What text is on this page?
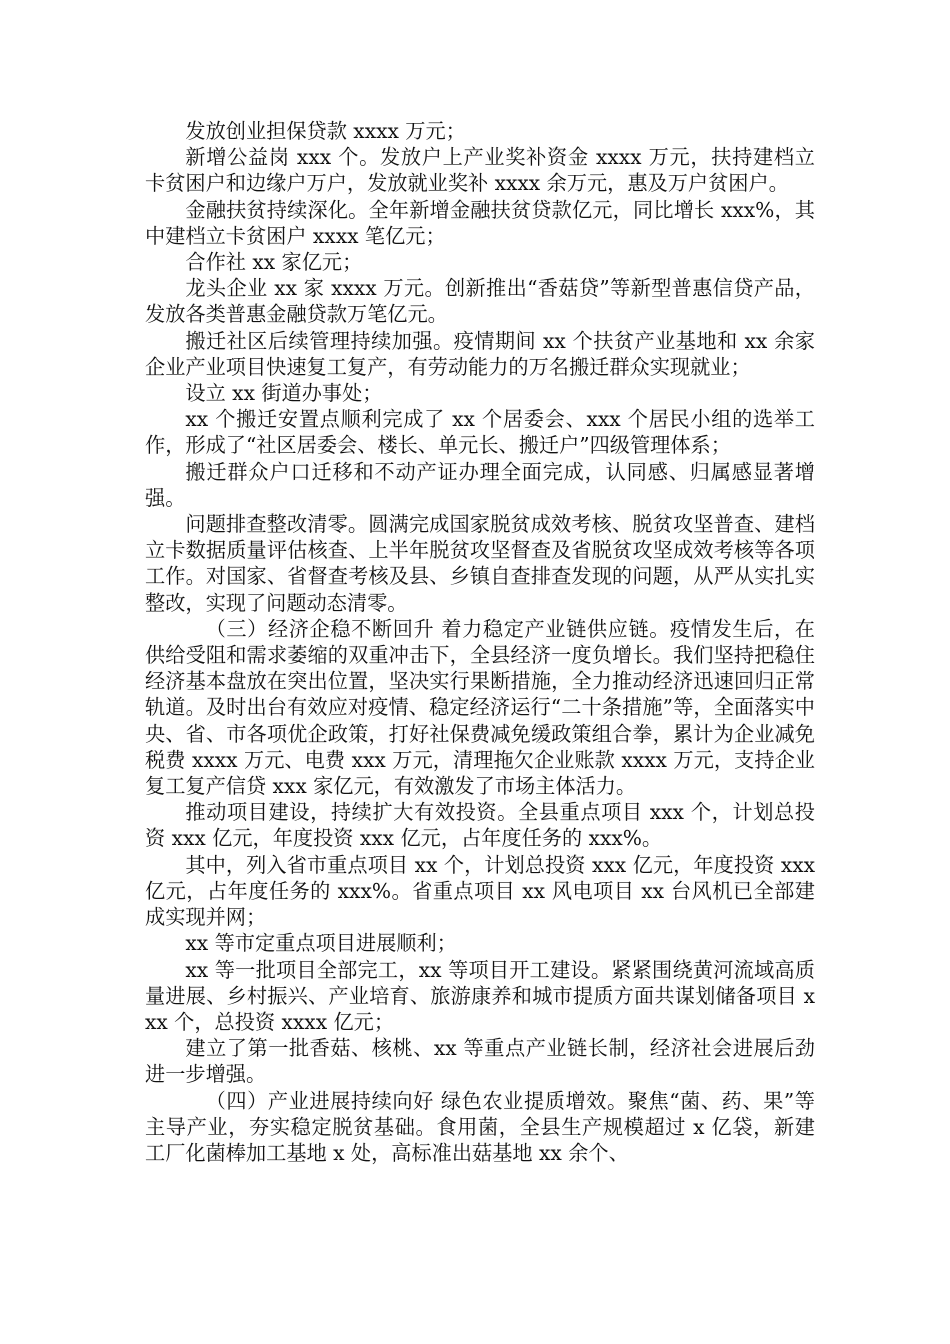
发放创业担保贷款 xxxx 万元；

新增公益岗 xxx 个。发放户上产业奖补资金 xxxx 万元，扶持建档立卡贫困户和边缘户万户，发放就业奖补 xxxx 余万元，惠及万户贫困户。

金融扶贫持续深化。全年新增金融扶贫贷款亿元，同比增长 xxx%，其中建档立卡贫困户 xxxx 笔亿元；

合作社 xx 家亿元；

龙头企业 xx 家 xxxx 万元。创新推出“香菇贷”等新型普惠信贷产品，发放各类普惠金融贷款万笔亿元。

搬迁社区后续管理持续加强。疫情期间 xx 个扶贫产业基地和 xx 余家企业产业项目快速复工复产，有劳动能力的万名搬迁群众实现就业；

设立 xx 街道办事处；

xx 个搬迁安置点顺利完成了 xx 个居委会、xxx 个居民小组的选举工作，形成了“社区居委会、楼长、单元长、搬迁户”四级管理体系；

搬迁群众户口迁移和不动产证办理全面完成，认同感、归属感显著增强。

问题排查整改清零。圆满完成国家脱贫成效考核、脱贫攻坚普查、建档立卡数据质量评估核查、上半年脱贫攻坚督查及省脱贫攻坚成效考核等各项工作。对国家、省督查考核及县、乡镇自查排查发现的问题，从严从实扎实整改，实现了问题动态清零。

（三）经济企稳不断回升 着力稳定产业链供应链。疫情发生后，在供给受阻和需求萎缩的双重冲击下，全县经济一度负增长。我们坚持把稳住经济基本盘放在突出位置，坚决实行果断措施，全力推动经济迅速回归正常轨道。及时出台有效应对疫情、稳定经济运行“二十条措施”等，全面落实中央、省、市各项优企政策，打好社保费减免缓政策组合拳，累计为企业减免税费 xxxx 万元、电费 xxx 万元，清理拖欠企业账款 xxxx 万元，支持企业复工复产信贷 xxx 家亿元，有效激发了市场主体活力。

推动项目建设，持续扩大有效投资。全县重点项目 xxx 个，计划总投资 xxx 亿元，年度投资 xxx 亿元，占年度任务的 xxx%。

其中，列入省市重点项目 xx 个，计划总投资 xxx 亿元，年度投资 xxx 亿元，占年度任务的 xxx%。省重点项目 xx 风电项目 xx 台风机已全部建成实现并网；

xx 等市定重点项目进展顺利；

xx 等一批项目全部完工，xx 等项目开工建设。紧紧围绕黄河流域高质量进展、乡村振兴、产业培育、旅游康养和城市提质方面共谋划储备项目 xxx 个，总投资 xxxx 亿元；

建立了第一批香菇、核桃、xx 等重点产业链长制，经济社会进展后劲进一步增强。

（四）产业进展持续向好 绿色农业提质增效。聚焦“菌、药、果”等主导产业，夯实稳定脱贫基础。食用菌，全县生产规模超过 x 亿袋，新建工厂化菌棒加工基地 x 处，高标准出菇基地 xx 余个、
